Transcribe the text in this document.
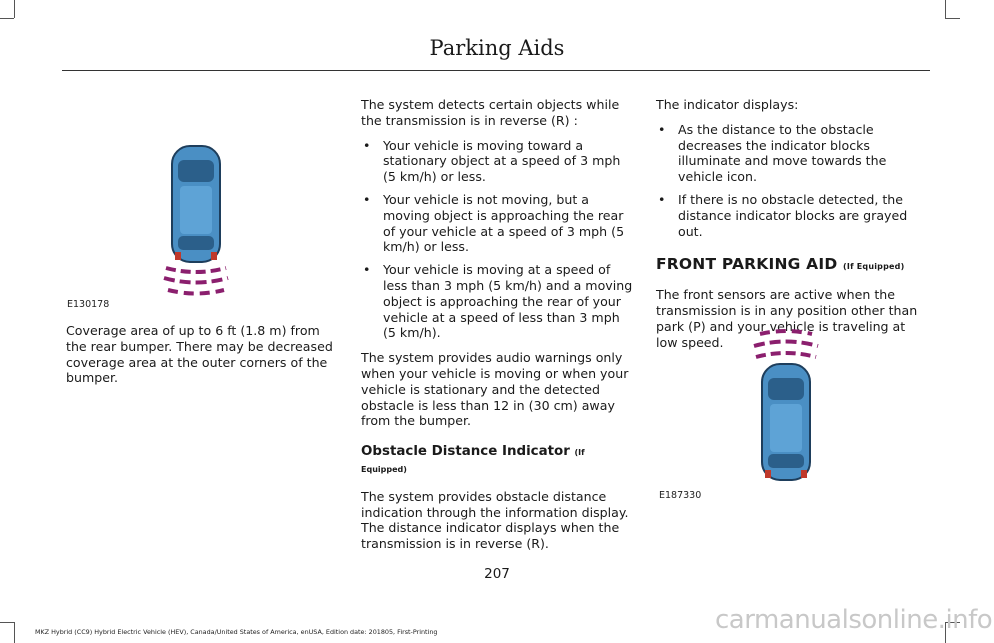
Parking Aids
E130178

Coverage area of up to 6 ft (1.8 m) from the rear bumper. There may be decreased coverage area at the outer corners of the bumper.

The system detects certain objects while the transmission is in reverse (R) :

• Your vehicle is moving toward a stationary object at a speed of 3 mph (5 km/h) or less.
• Your vehicle is not moving, but a moving object is approaching the rear of your vehicle at a speed of 3 mph (5 km/h) or less.
• Your vehicle is moving at a speed of less than 3 mph (5 km/h) and a moving object is approaching the rear of your vehicle at a speed of less than 3 mph (5 km/h).

The system provides audio warnings only when your vehicle is moving or when your vehicle is stationary and the detected obstacle is less than 12 in (30 cm) away from the bumper.

Obstacle Distance Indicator (If Equipped)

The system provides obstacle distance indication through the information display. The distance indicator displays when the transmission is in reverse (R).

The indicator displays:

• As the distance to the obstacle decreases the indicator blocks illuminate and move towards the vehicle icon.
• If there is no obstacle detected, the distance indicator blocks are grayed out.
FRONT PARKING AID (If Equipped)

The front sensors are active when the transmission is in any position other than park (P) and your vehicle is traveling at low speed.

E187330
207
MKZ Hybrid (CC9) Hybrid Electric Vehicle (HEV), Canada/United States of America, enUSA, Edition date: 201805, First-Printing	carmanualsonline.info
